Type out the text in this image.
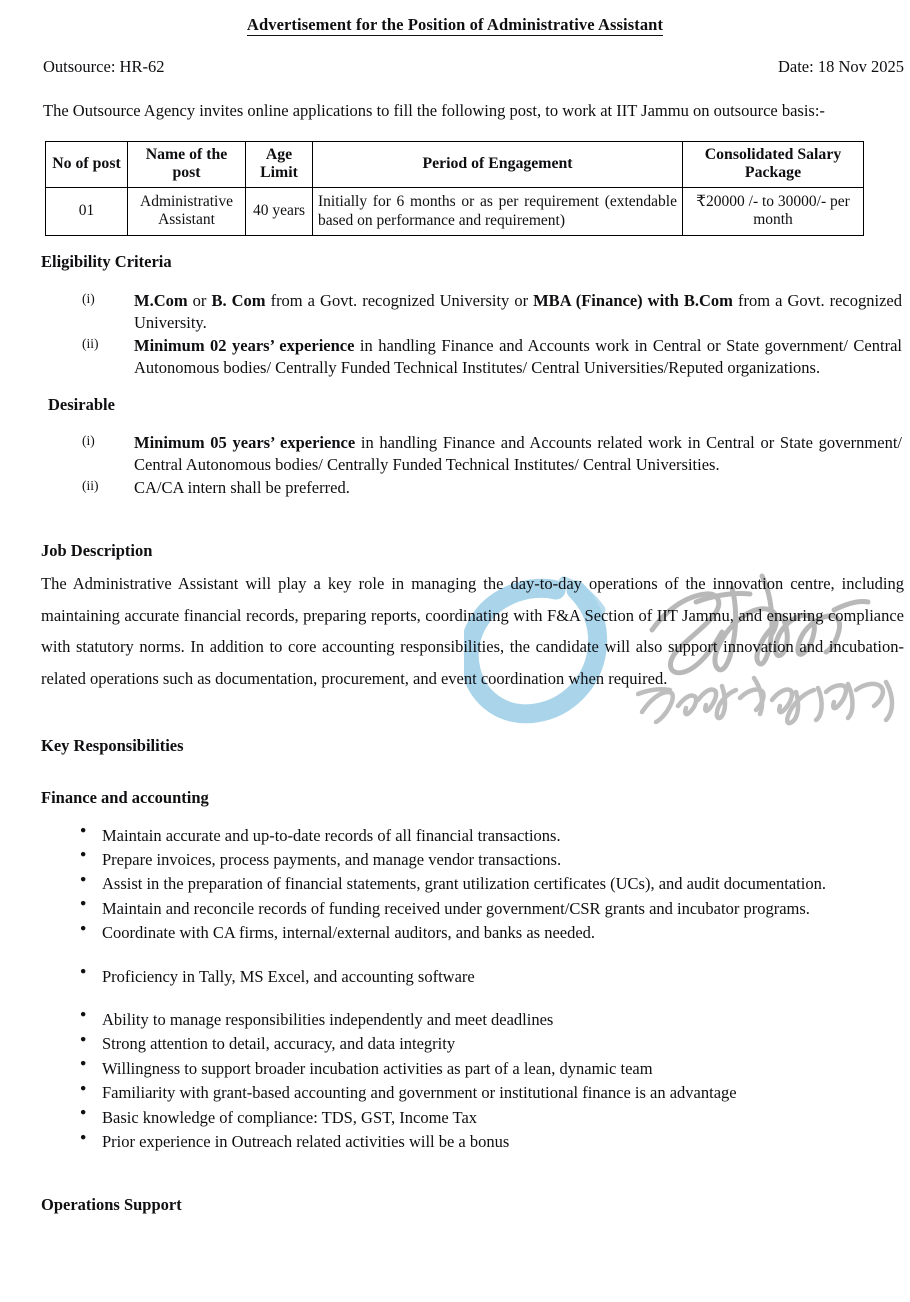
Advertisement for the Position of Administrative Assistant
Outsource: HR-62	Date: 18 Nov 2025
The Outsource Agency invites online applications to fill the following post, to work at IIT Jammu on outsource basis:-
No of post	Name of the post	Age Limit	Period of Engagement	Consolidated Salary Package
01	Administrative Assistant	40 years	Initially for 6 months or as per requirement (extendable based on performance and requirement)	₹20000 /- to 30000/- per month
Eligibility Criteria
(i)	M.Com or B. Com from a Govt. recognized University or MBA (Finance) with B.Com from a Govt. recognized University.
(ii)	Minimum 02 years’ experience in handling Finance and Accounts work in Central or State government/ Central Autonomous bodies/ Centrally Funded Technical Institutes/ Central Universities/Reputed organizations.
Desirable
(i)	Minimum 05 years’ experience in handling Finance and Accounts related work in Central or State government/ Central Autonomous bodies/ Centrally Funded Technical Institutes/ Central Universities.
(ii)	CA/CA intern shall be preferred.
Job Description

The Administrative Assistant will play a key role in managing the day-to-day operations of the innovation centre, including maintaining accurate financial records, preparing reports, coordinating with F&A Section of IIT Jammu, and ensuring compliance with statutory norms. In addition to core accounting responsibilities, the candidate will also support innovation and incubation-related operations such as documentation, procurement, and event coordination when required.

Key Responsibilities
Finance and accounting
● Maintain accurate and up-to-date records of all financial transactions.
● Prepare invoices, process payments, and manage vendor transactions.
● Assist in the preparation of financial statements, grant utilization certificates (UCs), and audit documentation.
● Maintain and reconcile records of funding received under government/CSR grants and incubator programs.
● Coordinate with CA firms, internal/external auditors, and banks as needed.
● Proficiency in Tally, MS Excel, and accounting software
● Ability to manage responsibilities independently and meet deadlines
● Strong attention to detail, accuracy, and data integrity
● Willingness to support broader incubation activities as part of a lean, dynamic team
● Familiarity with grant-based accounting and government or institutional finance is an advantage
● Basic knowledge of compliance: TDS, GST, Income Tax
● Prior experience in Outreach related activities will be a bonus
Operations Support
